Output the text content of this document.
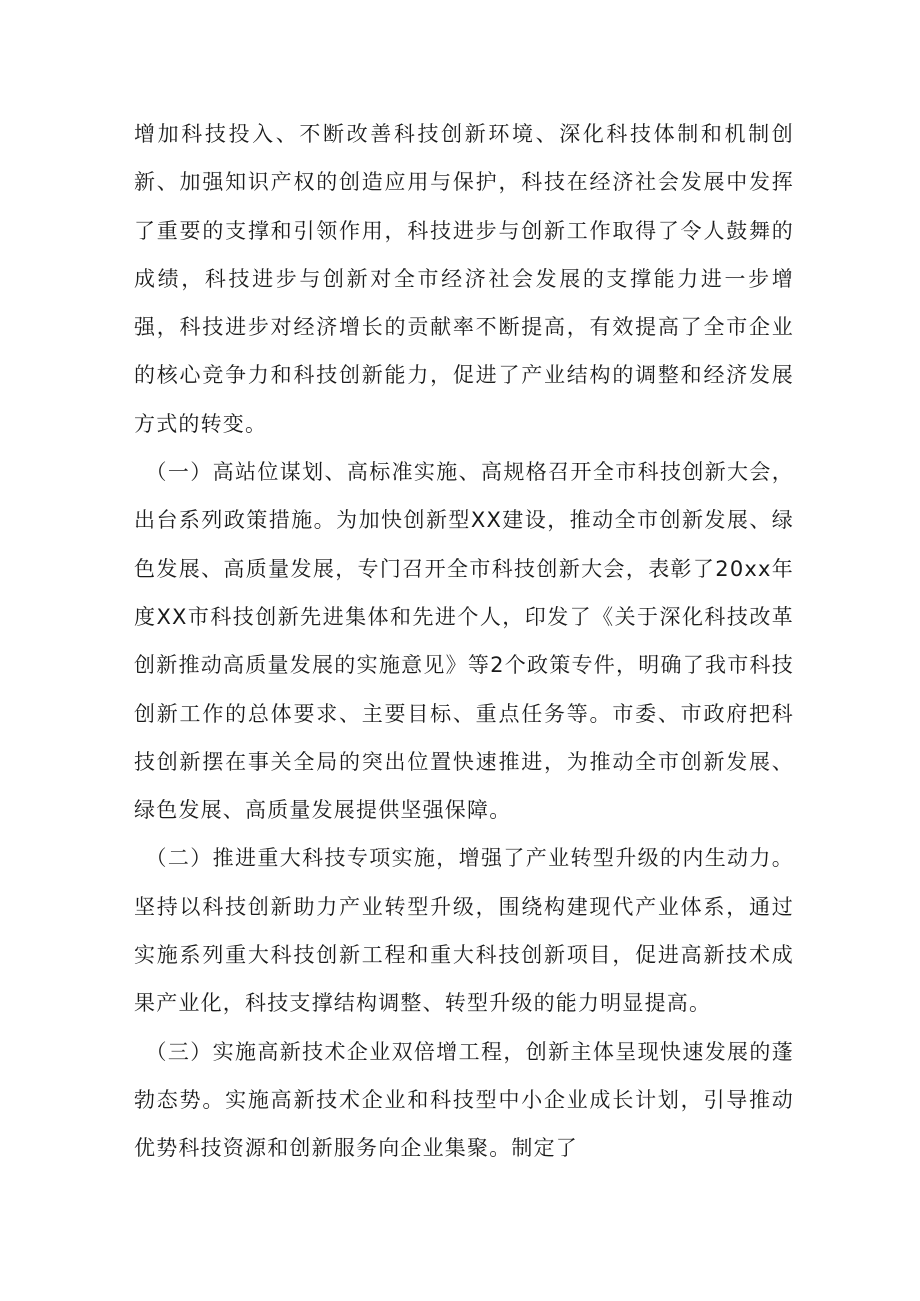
增加科技投入、不断改善科技创新环境、深化科技体制和机制创新、加强知识产权的创造应用与保护，科技在经济社会发展中发挥了重要的支撑和引领作用，科技进步与创新工作取得了令人鼓舞的成绩，科技进步与创新对全市经济社会发展的支撑能力进一步增强，科技进步对经济增长的贡献率不断提高，有效提高了全市企业的核心竞争力和科技创新能力，促进了产业结构的调整和经济发展方式的转变。

（一）高站位谋划、高标准实施、高规格召开全市科技创新大会，出台系列政策措施。为加快创新型XX建设，推动全市创新发展、绿色发展、高质量发展，专门召开全市科技创新大会，表彰了20xx年度XX市科技创新先进集体和先进个人，印发了《关于深化科技改革创新推动高质量发展的实施意见》等2个政策专件，明确了我市科技创新工作的总体要求、主要目标、重点任务等。市委、市政府把科技创新摆在事关全局的突出位置快速推进，为推动全市创新发展、绿色发展、高质量发展提供坚强保障。

（二）推进重大科技专项实施，增强了产业转型升级的内生动力。坚持以科技创新助力产业转型升级，围绕构建现代产业体系，通过实施系列重大科技创新工程和重大科技创新项目，促进高新技术成果产业化，科技支撑结构调整、转型升级的能力明显提高。

（三）实施高新技术企业双倍增工程，创新主体呈现快速发展的蓬勃态势。实施高新技术企业和科技型中小企业成长计划，引导推动优势科技资源和创新服务向企业集聚。制定了
